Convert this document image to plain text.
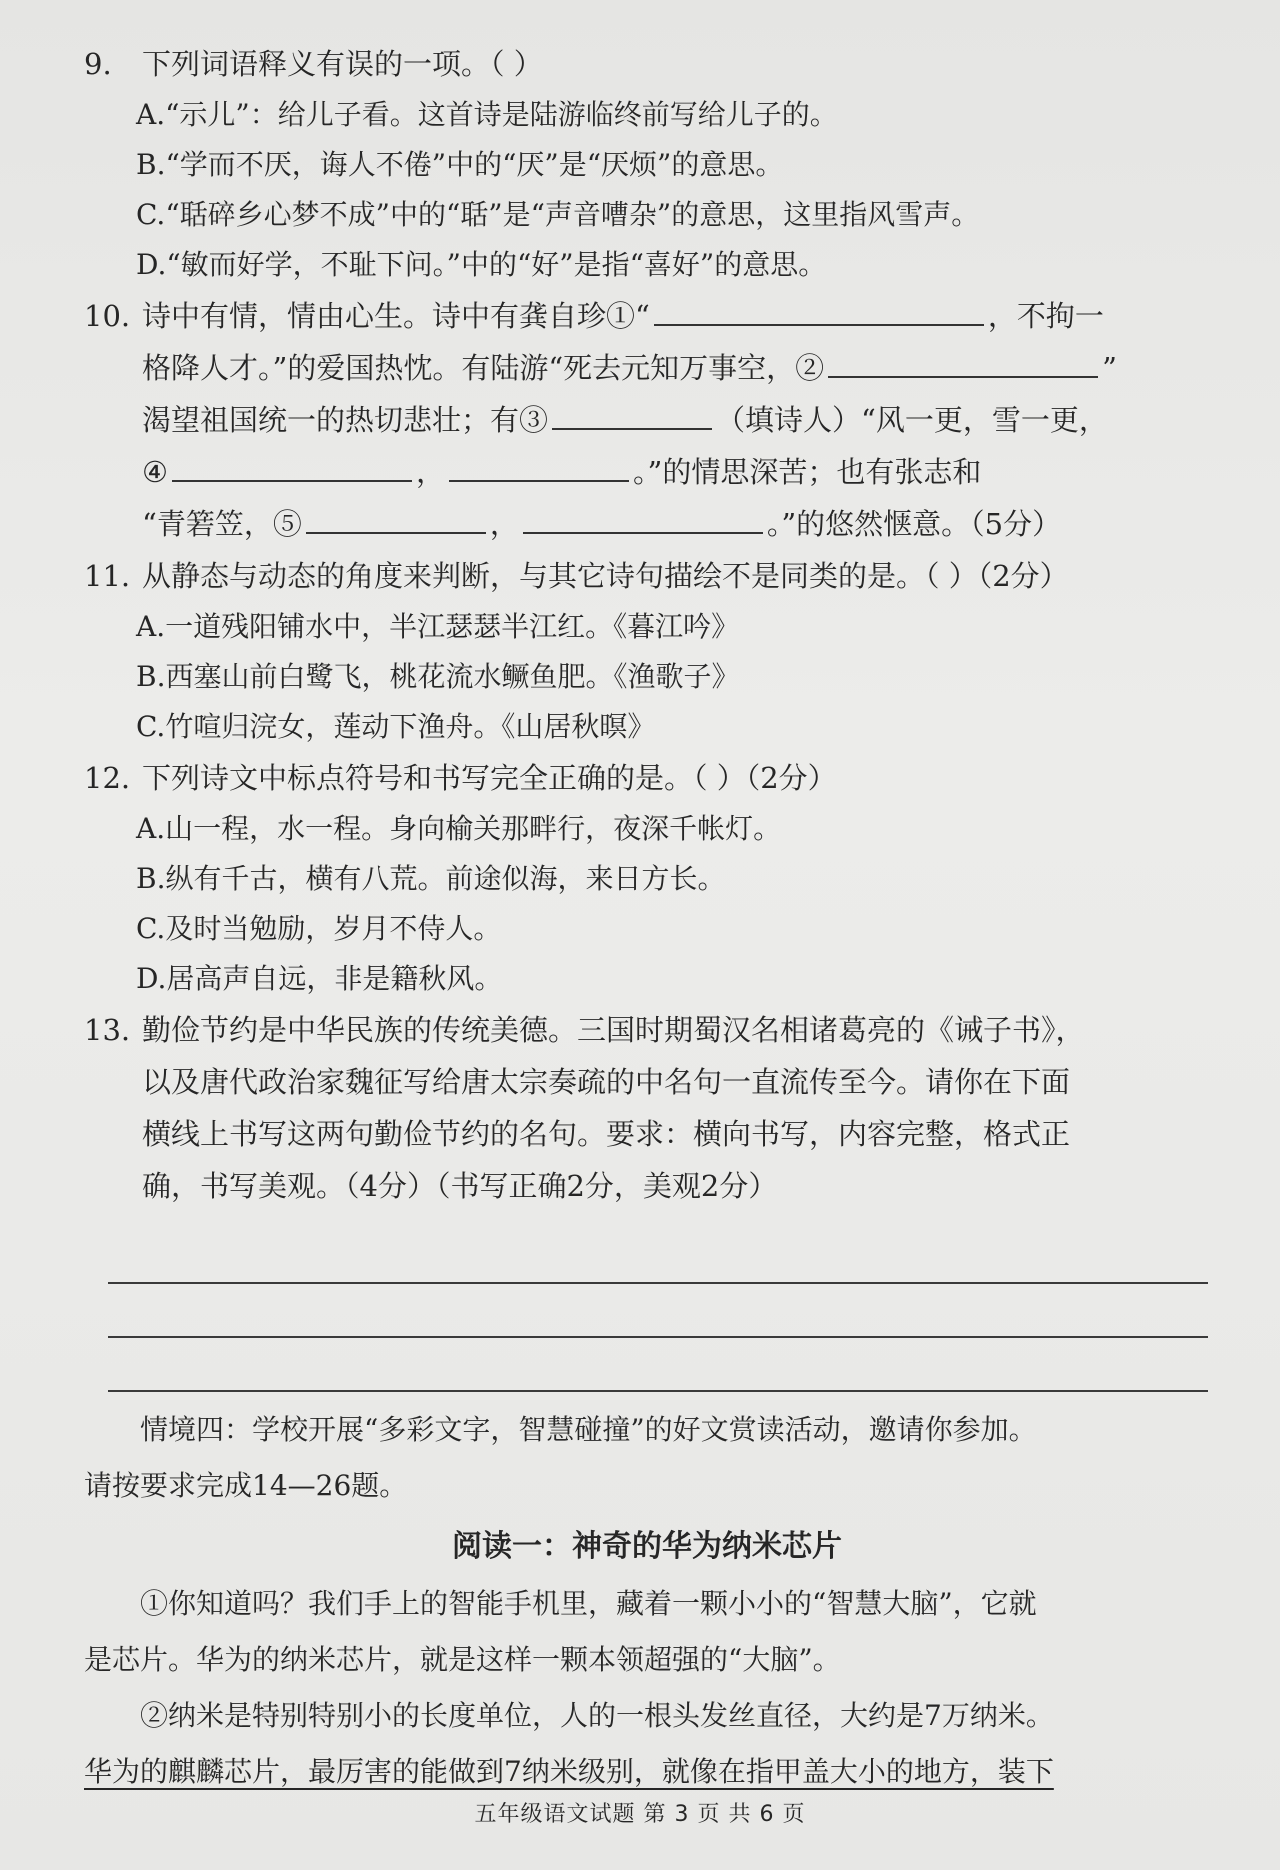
9. 下列词语释义有误的一项。（ ）
A.“示儿”：给儿子看。这首诗是陆游临终前写给儿子的。
B.“学而不厌，诲人不倦”中的“厌”是“厌烦”的意思。
C.“聒碎乡心梦不成”中的“聒”是“声音嘈杂”的意思，这里指风雪声。
D.“敏而好学，不耻下问。”中的“好”是指“喜好”的意思。
10. 诗中有情，情由心生。诗中有龚自珍①“	，不拘一
格降人才。”的爱国热忱。有陆游“死去元知万事空，②	”
渴望祖国统一的热切悲壮；有③	（填诗人）“风一更，雪一更，
④	，	。”的情思深苦；也有张志和
“青箬笠，⑤	，	。”的悠然惬意。（5分）
11. 从静态与动态的角度来判断，与其它诗句描绘不是同类的是。（ ）（2分）
A.一道残阳铺水中，半江瑟瑟半江红。《暮江吟》
B.西塞山前白鹭飞，桃花流水鳜鱼肥。《渔歌子》
C.竹喧归浣女，莲动下渔舟。《山居秋暝》
12. 下列诗文中标点符号和书写完全正确的是。（ ）（2分）
A.山一程，水一程。身向榆关那畔行，夜深千帐灯。
B.纵有千古，横有八荒。前途似海，来日方长。
C.及时当勉励，岁月不侍人。
D.居高声自远，非是籍秋风。
13. 勤俭节约是中华民族的传统美德。三国时期蜀汉名相诸葛亮的《诫子书》，
以及唐代政治家魏征写给唐太宗奏疏的中名句一直流传至今。请你在下面
横线上书写这两句勤俭节约的名句。要求：横向书写，内容完整，格式正
确，书写美观。（4分）（书写正确2分，美观2分）
情境四：学校开展“多彩文字，智慧碰撞”的好文赏读活动，邀请你参加。
请按要求完成14—26题。
阅读一：神奇的华为纳米芯片
①你知道吗？我们手上的智能手机里，藏着一颗小小的“智慧大脑”，它就
是芯片。华为的纳米芯片，就是这样一颗本领超强的“大脑”。
②纳米是特别特别小的长度单位，人的一根头发丝直径，大约是7万纳米。
华为的麒麟芯片，最厉害的能做到7纳米级别，就像在指甲盖大小的地方，装下
五年级语文试题 第 3 页 共 6 页
